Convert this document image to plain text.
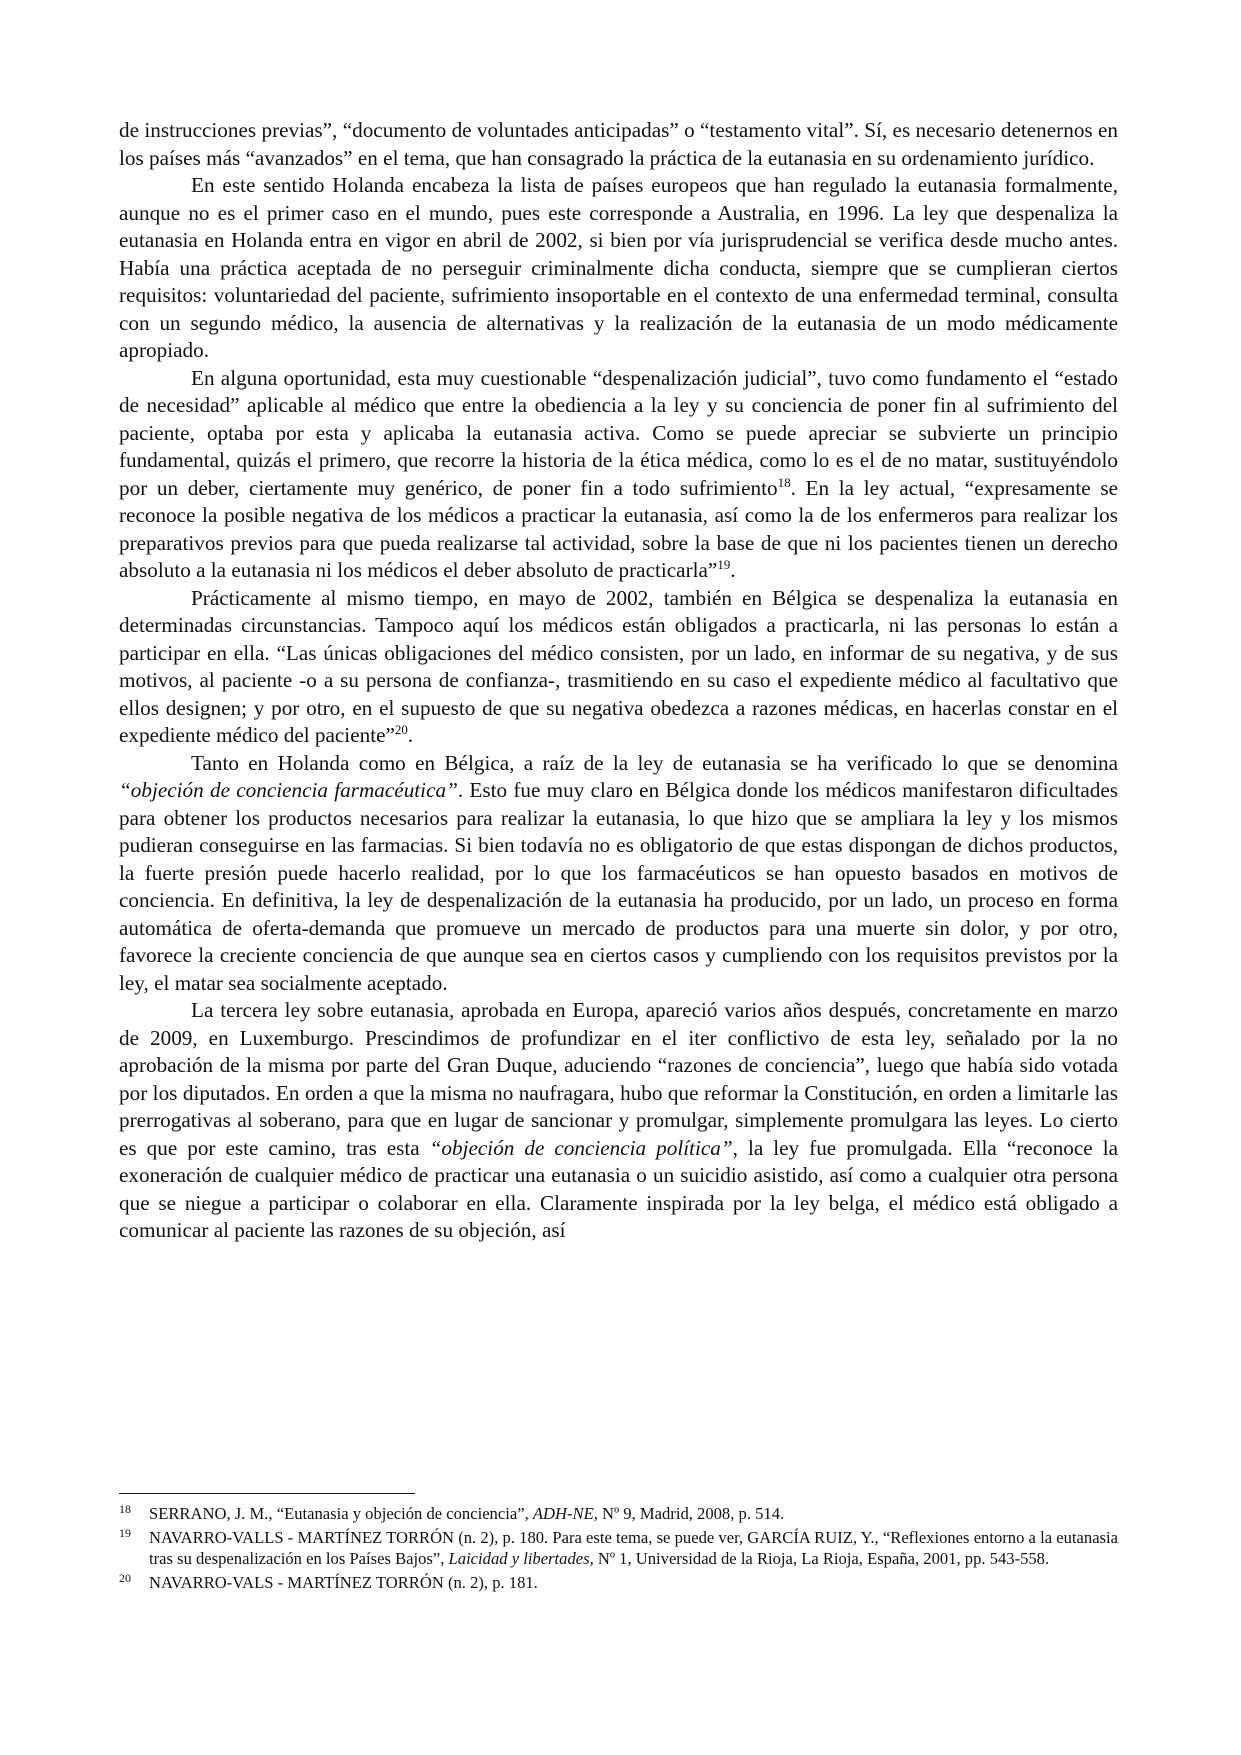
de instrucciones previas”, “documento de voluntades anticipadas” o “testamento vital”. Sí, es necesario detenernos en los países más “avanzados” en el tema, que han consagrado la práctica de la eutanasia en su ordenamiento jurídico.

En este sentido Holanda encabeza la lista de países europeos que han regulado la eutanasia formalmente, aunque no es el primer caso en el mundo, pues este corresponde a Australia, en 1996. La ley que despenaliza la eutanasia en Holanda entra en vigor en abril de 2002, si bien por vía jurisprudencial se verifica desde mucho antes. Había una práctica aceptada de no perseguir criminalmente dicha conducta, siempre que se cumplieran ciertos requisitos: voluntariedad del paciente, sufrimiento insoportable en el contexto de una enfermedad terminal, consulta con un segundo médico, la ausencia de alternativas y la realización de la eutanasia de un modo médicamente apropiado.

En alguna oportunidad, esta muy cuestionable “despenalización judicial”, tuvo como fundamento el “estado de necesidad” aplicable al médico que entre la obediencia a la ley y su conciencia de poner fin al sufrimiento del paciente, optaba por esta y aplicaba la eutanasia activa. Como se puede apreciar se subvierte un principio fundamental, quizás el primero, que recorre la historia de la ética médica, como lo es el de no matar, sustituyéndolo por un deber, ciertamente muy genérico, de poner fin a todo sufrimiento$^{18}$. En la ley actual, “expresamente se reconoce la posible negativa de los médicos a practicar la eutanasia, así como la de los enfermeros para realizar los preparativos previos para que pueda realizarse tal actividad, sobre la base de que ni los pacientes tienen un derecho absoluto a la eutanasia ni los médicos el deber absoluto de practicarla”$^{19}$.

Prácticamente al mismo tiempo, en mayo de 2002, también en Bélgica se despenaliza la eutanasia en determinadas circunstancias. Tampoco aquí los médicos están obligados a practicarla, ni las personas lo están a participar en ella. “Las únicas obligaciones del médico consisten, por un lado, en informar de su negativa, y de sus motivos, al paciente -o a su persona de confianza-, trasmitiendo en su caso el expediente médico al facultativo que ellos designen; y por otro, en el supuesto de que su negativa obedezca a razones médicas, en hacerlas constar en el expediente médico del paciente”$^{20}$.

Tanto en Holanda como en Bélgica, a raíz de la ley de eutanasia se ha verificado lo que se denomina “objeción de conciencia farmacéutica”. Esto fue muy claro en Bélgica donde los médicos manifestaron dificultades para obtener los productos necesarios para realizar la eutanasia, lo que hizo que se ampliara la ley y los mismos pudieran conseguirse en las farmacias. Si bien todavía no es obligatorio de que estas dispongan de dichos productos, la fuerte presión puede hacerlo realidad, por lo que los farmacéuticos se han opuesto basados en motivos de conciencia. En definitiva, la ley de despenalización de la eutanasia ha producido, por un lado, un proceso en forma automática de oferta-demanda que promueve un mercado de productos para una muerte sin dolor, y por otro, favorece la creciente conciencia de que aunque sea en ciertos casos y cumpliendo con los requisitos previstos por la ley, el matar sea socialmente aceptado.

La tercera ley sobre eutanasia, aprobada en Europa, apareció varios años después, concretamente en marzo de 2009, en Luxemburgo. Prescindimos de profundizar en el iter conflictivo de esta ley, señalado por la no aprobación de la misma por parte del Gran Duque, aduciendo “razones de conciencia”, luego que había sido votada por los diputados. En orden a que la misma no naufragara, hubo que reformar la Constitución, en orden a limitarle las prerrogativas al soberano, para que en lugar de sancionar y promulgar, simplemente promulgara las leyes. Lo cierto es que por este camino, tras esta “objeción de conciencia política”, la ley fue promulgada. Ella “reconoce la exoneración de cualquier médico de practicar una eutanasia o un suicidio asistido, así como a cualquier otra persona que se niegue a participar o colaborar en ella. Claramente inspirada por la ley belga, el médico está obligado a comunicar al paciente las razones de su objeción, así

18 SERRANO, J. M., “Eutanasia y objeción de conciencia”, ADH-NE, Nº 9, Madrid, 2008, p. 514.

19 NAVARRO-VALLS - MARTÍNEZ TORRÓN (n. 2), p. 180. Para este tema, se puede ver, GARCÍA RUIZ, Y., “Reflexiones entorno a la eutanasia tras su despenalización en los Países Bajos”, Laicidad y libertades, Nº 1, Universidad de la Rioja, La Rioja, España, 2001, pp. 543-558.

20 NAVARRO-VALS - MARTÍNEZ TORRÓN (n. 2), p. 181.
